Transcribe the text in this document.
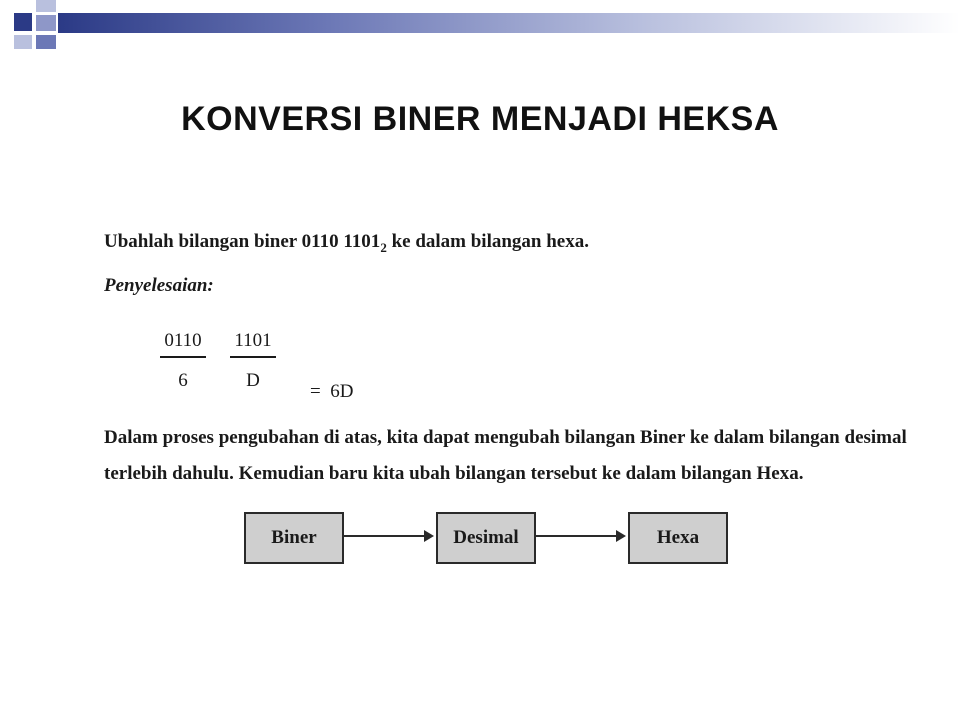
KONVERSI BINER MENJADI HEKSA
Ubahlah bilangan biner 0110 $1101_2$ ke dalam bilangan hexa.
Penyelesaian:
$\frac{0110}{6} \frac{1101}{D} = 6D$
Dalam proses pengubahan di atas, kita dapat mengubah bilangan Biner ke dalam bilangan desimal
terlebih dahulu. Kemudian baru kita ubah bilangan tersebut ke dalam bilangan Hexa.
Biner	Desimal	Hexa
